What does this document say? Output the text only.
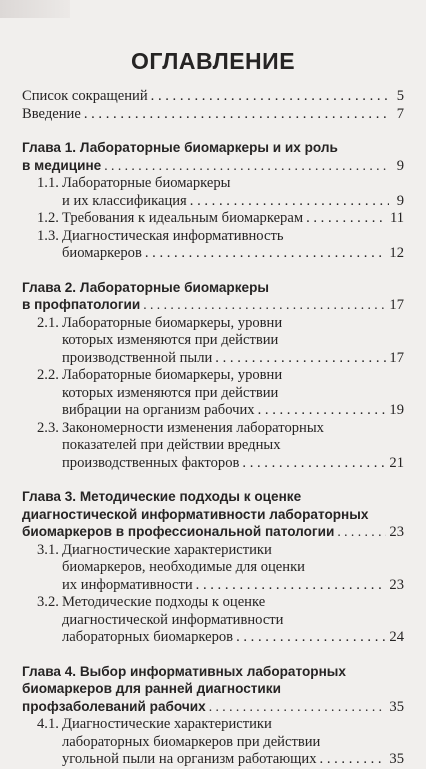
ОГЛАВЛЕНИЕ
Список сокращений . . .	5
Введение . . .	7
Глава 1. Лабораторные биомаркеры и их роль
в медицине . . .	9
1.1. Лабораторные биомаркеры
и их классификация . . .	9
1.2. Требования к идеальным биомаркерам . . .	11
1.3. Диагностическая информативность
биомаркеров . . .	12
Глава 2. Лабораторные биомаркеры
в профпатологии . . .	17
2.1. Лабораторные биомаркеры, уровни
которых изменяются при действии
производственной пыли . . .	17
2.2. Лабораторные биомаркеры, уровни
которых изменяются при действии
вибрации на организм рабочих . . .	19
2.3. Закономерности изменения лабораторных
показателей при действии вредных
производственных факторов . . .	21
Глава 3. Методические подходы к оценке
диагностической информативности лабораторных
биомаркеров в профессиональной патологии . . .	23
3.1. Диагностические характеристики
биомаркеров, необходимые для оценки
их информативности . . .	23
3.2. Методические подходы к оценке
диагностической информативности
лабораторных биомаркеров . . .	24
Глава 4. Выбор информативных лабораторных
биомаркеров для ранней диагностики
профзаболеваний рабочих . . .	35
4.1. Диагностические характеристики
лабораторных биомаркеров при действии
угольной пыли на организм работающих . . .	35
